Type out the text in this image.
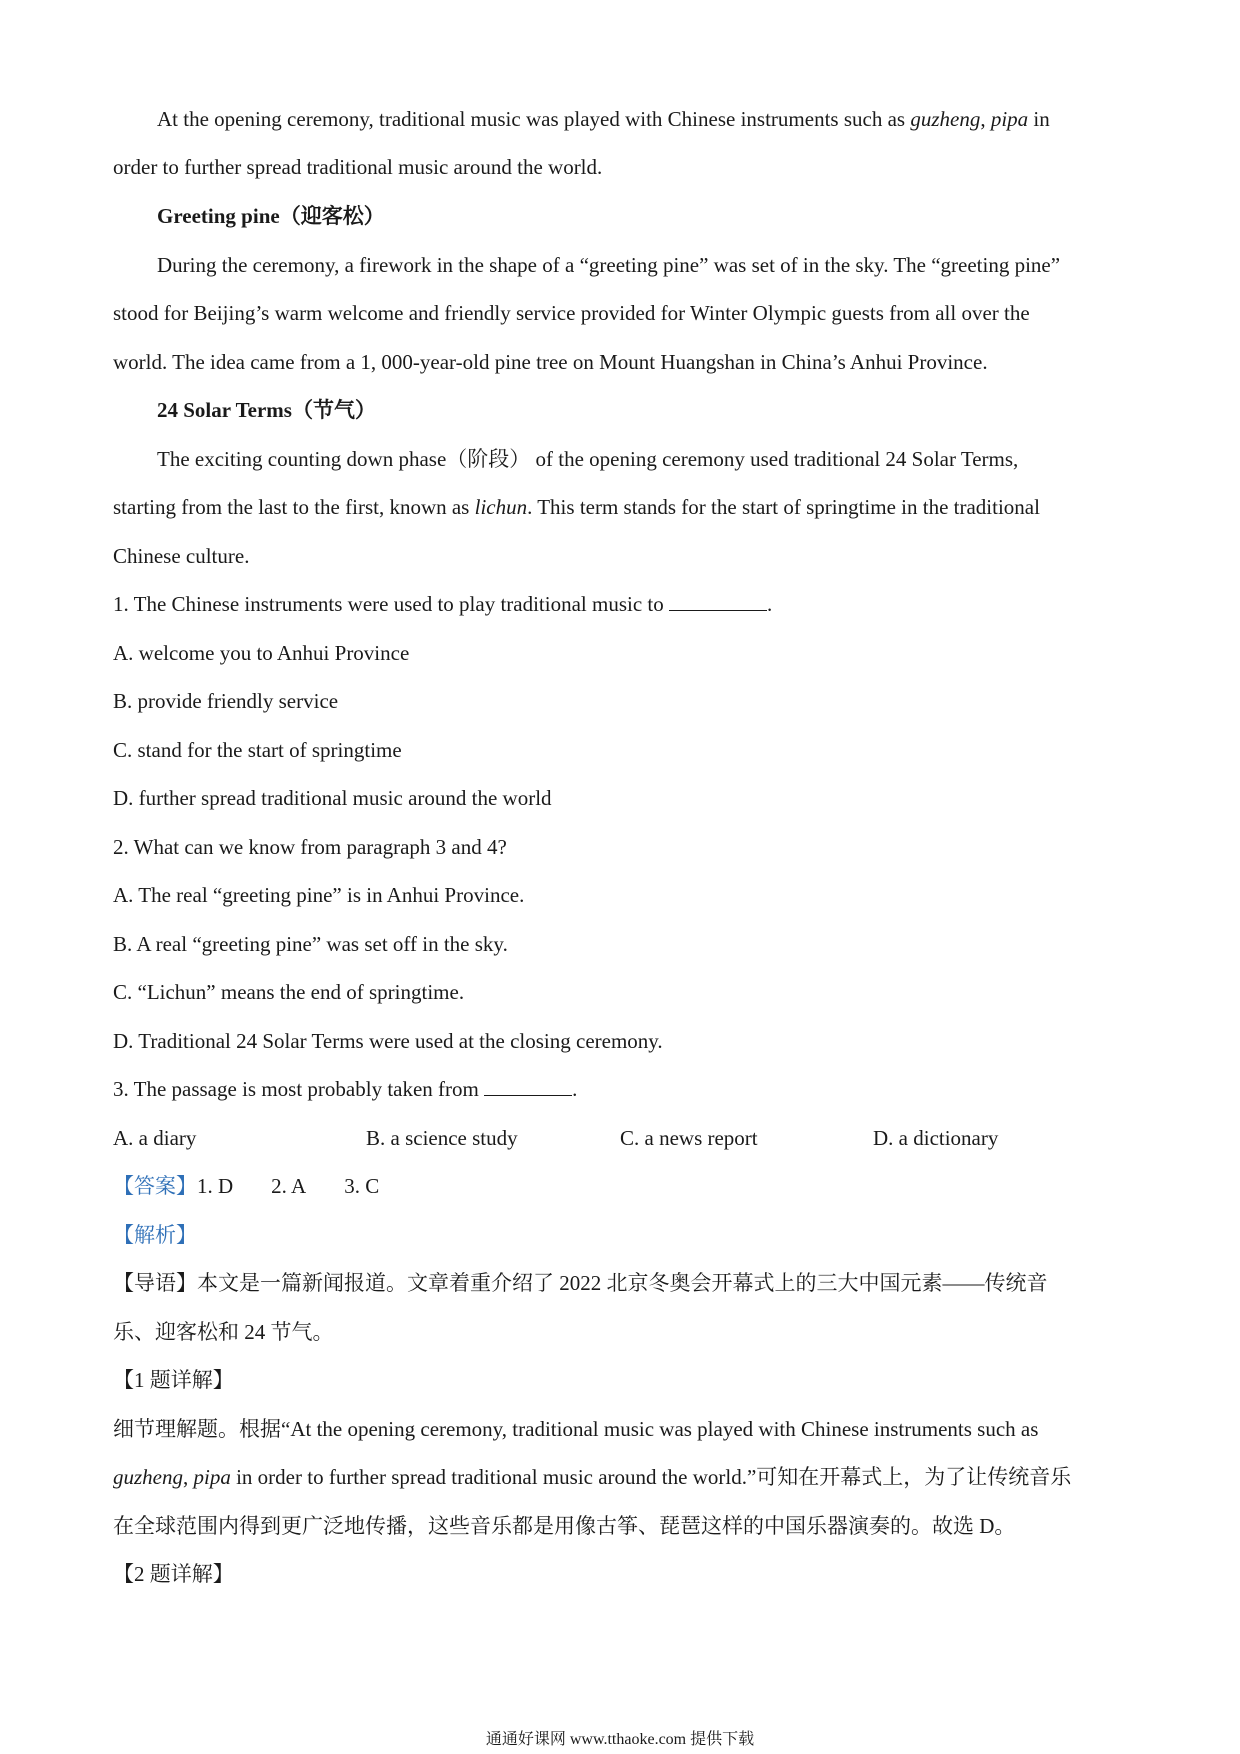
At the opening ceremony, traditional music was played with Chinese instruments such as guzheng, pipa in
order to further spread traditional music around the world.
Greeting pine（迎客松）
During the ceremony, a firework in the shape of a “greeting pine” was set of in the sky. The “greeting pine”
stood for Beijing’s warm welcome and friendly service provided for Winter Olympic guests from all over the
world. The idea came from a 1, 000-year-old pine tree on Mount Huangshan in China’s Anhui Province.
24 Solar Terms（节气）
The exciting counting down phase（阶段） of the opening ceremony used traditional 24 Solar Terms,
starting from the last to the first, known as lichun. This term stands for the start of springtime in the traditional
Chinese culture.
1. The Chinese instruments were used to play traditional music to	.
A. welcome you to Anhui Province
B. provide friendly service
C. stand for the start of springtime
D. further spread traditional music around the world
2. What can we know from paragraph 3 and 4?
A. The real “greeting pine” is in Anhui Province.
B. A real “greeting pine” was set off in the sky.
C. “Lichun” means the end of springtime.
D. Traditional 24 Solar Terms were used at the closing ceremony.
3. The passage is most probably taken from	.
A. a diary	B. a science study	C. a news report	D. a dictionary
【答案】1. D 2. A 3. C
【解析】
【导语】本文是一篇新闻报道。文章着重介绍了 2022 北京冬奥会开幕式上的三大中国元素——传统音
乐、迎客松和 24 节气。
【1 题详解】
细节理解题。根据“At the opening ceremony, traditional music was played with Chinese instruments such as
guzheng, pipa in order to further spread traditional music around the world.”可知在开幕式上，为了让传统音乐
在全球范围内得到更广泛地传播，这些音乐都是用像古筝、琵琶这样的中国乐器演奏的。故选 D。
【2 题详解】
通通好课网 www.tthaoke.com 提供下载
